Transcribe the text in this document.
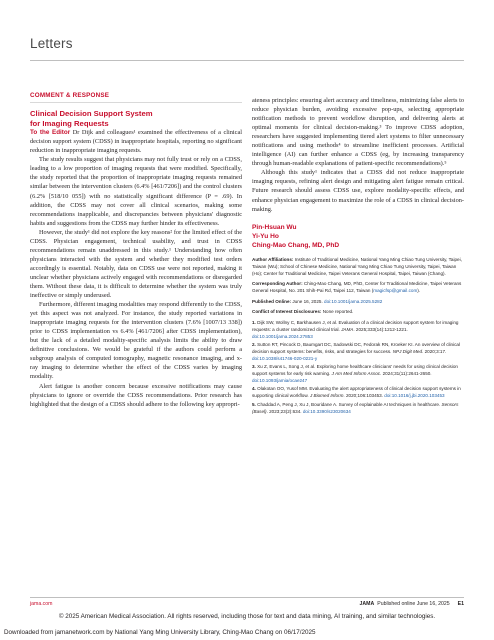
Letters
COMMENT & RESPONSE
Clinical Decision Support System
for Imaging Requests

To the Editor Dr Dijk and colleagues¹ examined the effectiveness of a clinical decision support system (CDSS) in inappropriate hospitals, reporting no significant reduction in inappropriate imaging requests.

The study results suggest that physicians may not fully trust or rely on a CDSS, leading to a low proportion of imaging requests that were modified. Specifically, the study reported that the proportion of inappropriate imaging requests remained similar between the intervention clusters (6.4% [461/7206]) and the control clusters (6.2% [518/10 055]) with no statistically significant difference (P = .69). In addition, the CDSS may not cover all clinical scenarios, making some recommendations inapplicable, and discrepancies between physicians' diagnostic habits and suggestions from the CDSS may further hinder its effectiveness.

However, the study¹ did not explore the key reasons² for the limited effect of the CDSS. Physician engagement, technical usability, and trust in CDSS recommendations remain unaddressed in this study.¹ Understanding how often physicians interacted with the system and whether they modified test orders accordingly is essential. Notably, data on CDSS use were not reported, making it unclear whether physicians actively engaged with recommendations or disregarded them. Without these data, it is difficult to determine whether the system was truly ineffective or simply underused.

Furthermore, different imaging modalities may respond differently to the CDSS, yet this aspect was not analyzed. For instance, the study reported variations in inappropriate imaging requests for the intervention clusters (7.6% [1007/13 338]) prior to CDSS implementation vs 6.4% [461/7206] after CDSS implementation), but the lack of a detailed modality-specific analysis limits the ability to draw definitive conclusions. We would be grateful if the authors could perform a subgroup analysis of computed tomography, magnetic resonance imaging, and x-ray imaging to determine whether the effect of the CDSS varies by imaging modality.

Alert fatigue is another concern because excessive notifications may cause physicians to ignore or override the CDSS recommendations. Prior research has highlighted that the design of a CDSS should adhere to the following key appropri-

ateness principles: ensuring alert accuracy and timeliness, minimizing false alerts to reduce physician burden, avoiding excessive pop-ups, selecting appropriate notification methods to prevent workflow disruption, and delivering alerts at optimal moments for clinical decision-making.³ To improve CDSS adoption, researchers have suggested implementing tiered alert systems to filter unnecessary notifications and using methods⁴ to streamline inefficient processes. Artificial intelligence (AI) can further enhance a CDSS (eg, by increasing transparency through human-readable explanations of patient-specific recommendations).⁵

Although this study¹ indicates that a CDSS did not reduce inappropriate imaging requests, refining alert design and mitigating alert fatigue remain critical. Future research should assess CDSS use, explore modality-specific effects, and enhance physician engagement to maximize the role of a CDSS in clinical decision-making.

Pin-Hsuan Wu
Yi-Yu Ho
Ching-Mao Chang, MD, PhD
Author Affiliations: Institute of Traditional Medicine, National Yang Ming Chiao Tung University, Taipei, Taiwan (Wu); School of Chinese Medicine, National Yang Ming Chiao Tung University, Taipei, Taiwan (Ho); Center for Traditional Medicine, Taipei Veterans General Hospital, Taipei, Taiwan (Chang).
Corresponding Author: Ching-Mao Chang, MD, PhD, Center for Traditional Medicine, Taipei Veterans General Hospital, No. 201 Shih-Pai Rd, Taipei 112, Taiwan (magicfsp@gmail.com).
Published Online: June 16, 2025. doi:10.1001/jama.2025.5282
Conflict of Interest Disclosures: None reported.
1. Dijk SW, Wollny C, Barkhausen J, et al. Evaluation of a clinical decision support system for imaging requests: a cluster randomized clinical trial. JAMA. 2025;333(14):1212-1221. doi:10.1001/jama.2024.27853
2. Sutton RT, Pincock D, Baumgart DC, Sadowski DC, Fedorak RN, Kroeker KI. An overview of clinical decision support systems: benefits, risks, and strategies for success. NPJ Digit Med. 2020;3:17. doi:10.1038/s41746-020-0221-y
3. Xu Z, Evans L, Song J, et al. Exploring home healthcare clinicians' needs for using clinical decision support systems for early risk warning. J Am Med Inform Assoc. 2024;31(11):2641-2650. doi:10.1093/jamia/ocae247
4. Olakotan OO, Yusof MM. Evaluating the alert appropriateness of clinical decision support systems in supporting clinical workflow. J Biomed Inform. 2020;106:103453. doi:10.1016/j.jbi.2020.103453
5. Chaddad A, Peng J, Xu J, Bouridane A. Survey of explainable AI techniques in healthcare. Sensors (Basel). 2023;23(2):634. doi:10.3390/s23020634
jama.com	JAMA Published online June 16, 2025 E1
© 2025 American Medical Association. All rights reserved, including those for text and data mining, AI training, and similar technologies.
Downloaded from jamanetwork.com by National Yang Ming University Library, Ching-Mao Chang on 06/17/2025
